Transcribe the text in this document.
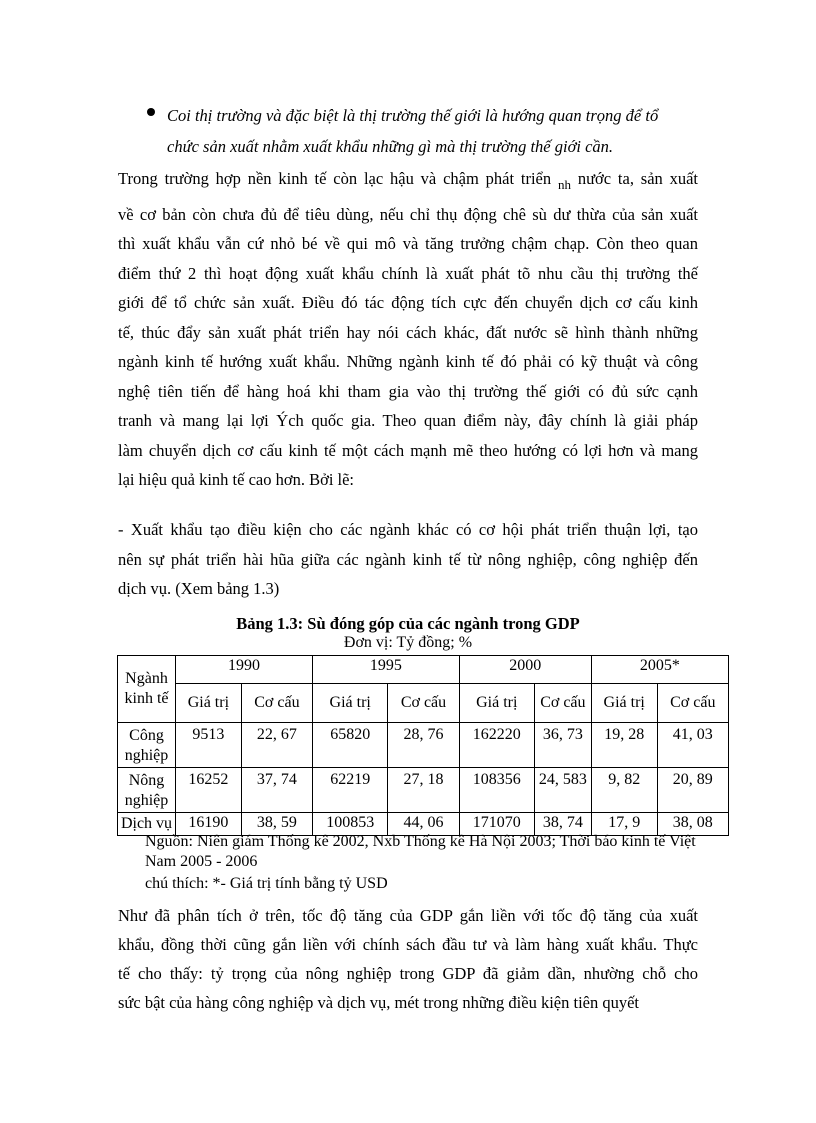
Coi thị trường và đặc biệt là thị trường thế giới là hướng quan trọng để tổ
chức sản xuất nhằm xuất khẩu những gì mà thị trường thế giới cần.
Trong trường hợp nền kinh tế còn lạc hậu và chậm phát triển $_{nh}$ nước ta, sản xuất
về cơ bản còn chưa đủ để tiêu dùng, nếu chỉ thụ động chê sù dư thừa của sản xuất
thì xuất khẩu vẫn cứ nhỏ bé về qui mô và tăng trưởng chậm chạp. Còn theo quan
điểm thứ 2 thì hoạt động xuất khẩu chính là xuất phát tõ nhu cầu thị trường thế
giới để tổ chức sản xuất. Điều đó tác động tích cực đến chuyển dịch cơ cấu kinh
tế, thúc đẩy sản xuất phát triển hay nói cách khác, đất nước sẽ hình thành những
ngành kinh tế hướng xuất khẩu. Những ngành kinh tế đó phải có kỹ thuật và công
nghệ tiên tiến để hàng hoá khi tham gia vào thị trường thế giới có đủ sức cạnh
tranh và mang lại lợi Ých quốc gia. Theo quan điểm này, đây chính là giải pháp
làm chuyển dịch cơ cấu kinh tế một cách mạnh mẽ theo hướng có lợi hơn và mang
lại hiệu quả kinh tế cao hơn. Bởi lẽ:
- Xuất khẩu tạo điều kiện cho các ngành khác có cơ hội phát triển thuận lợi, tạo
nên sự phát triển hài hũa giữa các ngành kinh tế từ nông nghiệp, công nghiệp đến
dịch vụ. (Xem bảng 1.3)
Bảng 1.3: Sù đóng góp của các ngành trong GDP
Đơn vị: Tỷ đồng; %
Ngành kinh tế	1990		1995		2000		2005*	
	Giá trị	Cơ cấu	Giá trị	Cơ cấu	Giá trị	Cơ cấu	Giá trị	Cơ cấu
Công nghiệp	9513	22, 67	65820	28, 76	162220	36, 73	19, 28	41, 03
Nông nghiệp	16252	37, 74	62219	27, 18	108356	24, 583	9, 82	20, 89
Dịch vụ	16190	38, 59	100853	44, 06	171070	38, 74	17, 9	38, 08
Nguồn: Niên giám Thống kê 2002, Nxb Thống kê Hà Nội 2003; Thời báo kinh tế Việt Nam 2005 - 2006
chú thích: *- Giá trị tính bằng tỷ USD
Như đã phân tích ở trên, tốc độ tăng của GDP gắn liền với tốc độ tăng của xuất
khẩu, đồng thời cũng gắn liền với chính sách đầu tư và làm hàng xuất khẩu. Thực
tế cho thấy: tỷ trọng của nông nghiệp trong GDP đã giảm dần, nhường chỗ cho
sức bật của hàng công nghiệp và dịch vụ, mét trong những điều kiện tiên quyết
